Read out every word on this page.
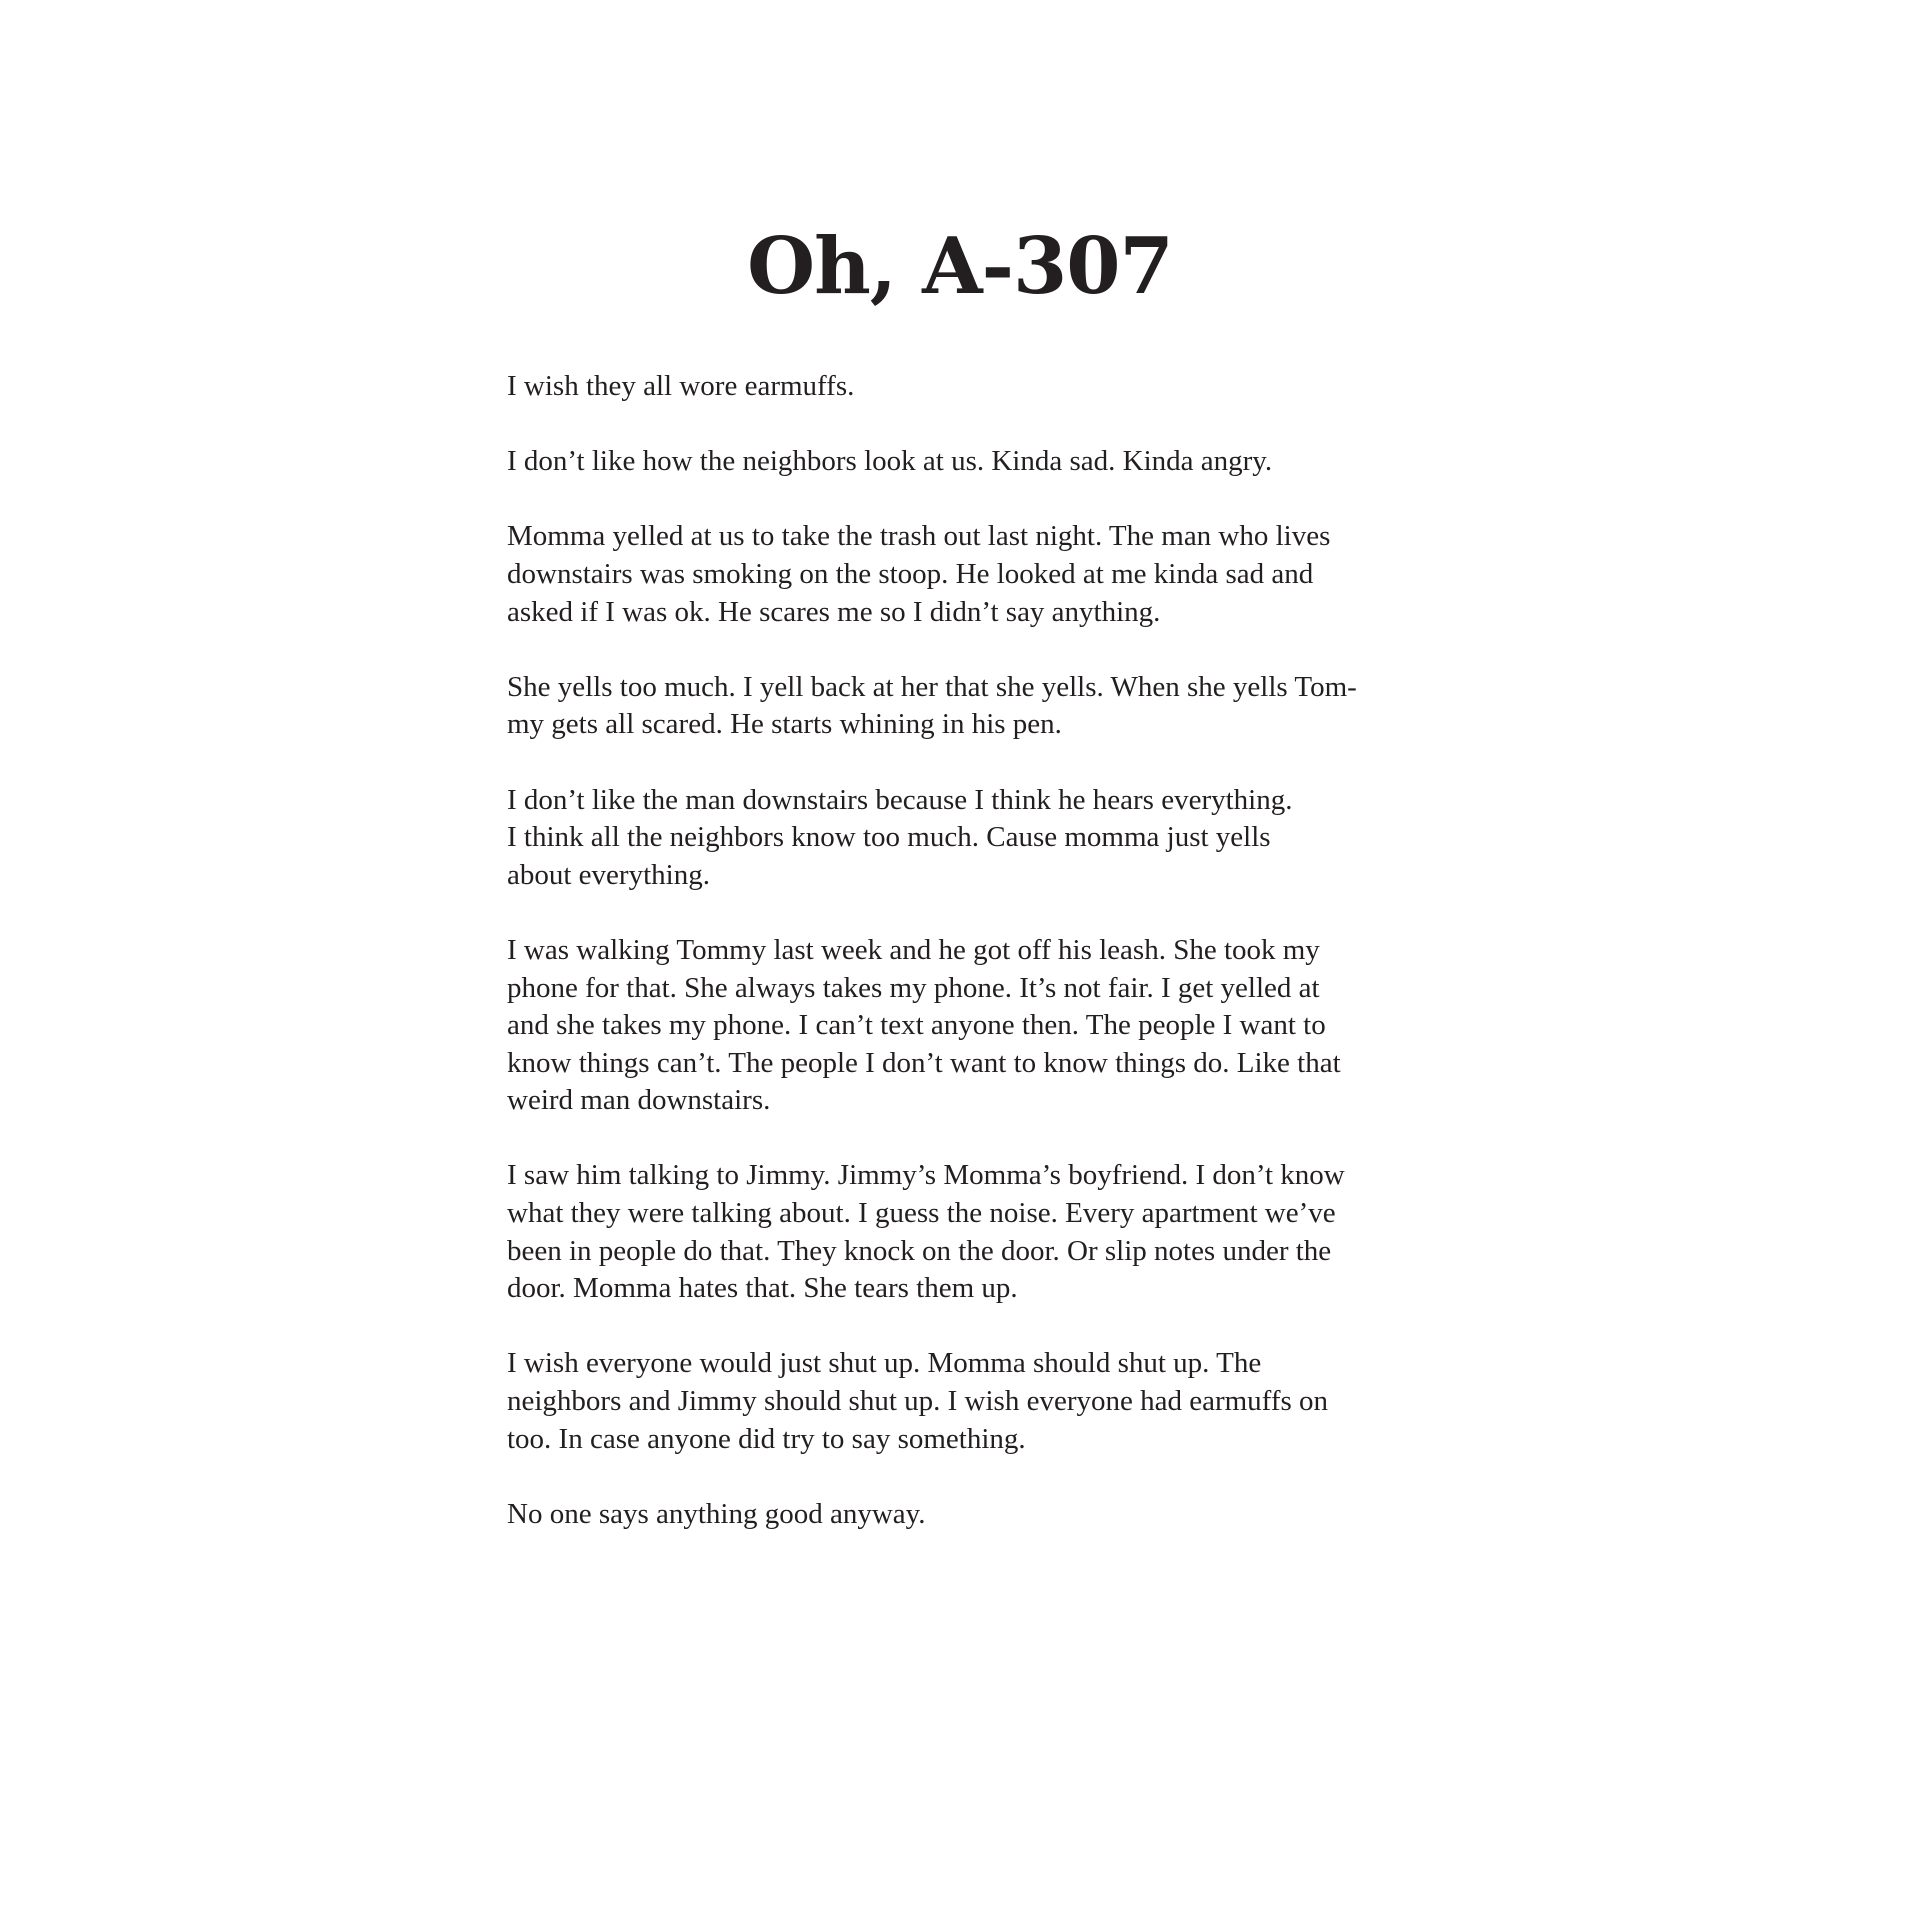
Oh, A-307

I wish they all wore earmuffs.

I don’t like how the neighbors look at us. Kinda sad. Kinda angry.

Momma yelled at us to take the trash out last night. The man who lives
downstairs was smoking on the stoop. He looked at me kinda sad and
asked if I was ok. He scares me so I didn’t say anything.

She yells too much. I yell back at her that she yells. When she yells Tom-
my gets all scared. He starts whining in his pen.

I don’t like the man downstairs because I think he hears everything.
I think all the neighbors know too much. Cause momma just yells
about everything.

I was walking Tommy last week and he got off his leash. She took my
phone for that. She always takes my phone. It’s not fair. I get yelled at
and she takes my phone. I can’t text anyone then. The people I want to
know things can’t. The people I don’t want to know things do. Like that
weird man downstairs.

I saw him talking to Jimmy. Jimmy’s Momma’s boyfriend. I don’t know
what they were talking about. I guess the noise. Every apartment we’ve
been in people do that. They knock on the door. Or slip notes under the
door. Momma hates that. She tears them up.

I wish everyone would just shut up. Momma should shut up. The
neighbors and Jimmy should shut up. I wish everyone had earmuffs on
too. In case anyone did try to say something.

No one says anything good anyway.
